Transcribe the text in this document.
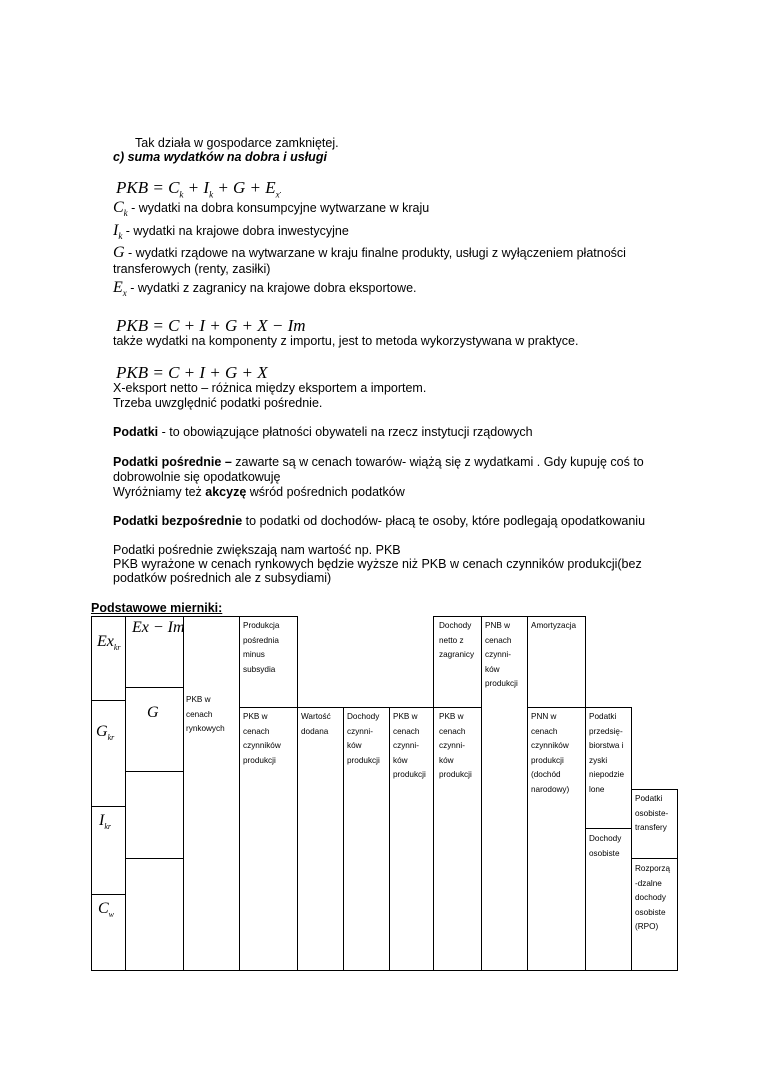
Tak działa w gospodarce zamkniętej.
c) suma wydatków na dobra i usługi
PKB = $C_k + I_k + G + E_x$.
$C_k$ - wydatki na dobra konsumpcyjne wytwarzane w kraju
$I_k$ - wydatki na krajowe dobra inwestycyjne
G - wydatki rządowe na wytwarzane w kraju finalne produkty, usługi z wyłączeniem płatności
transferowych (renty, zasiłki)
$E_x$ - wydatki z zagranicy na krajowe dobra eksportowe.
PKB = C + I + G + X − Im
także wydatki na komponenty z importu, jest to metoda wykorzystywana w praktyce.
PKB = C + I + G + X
X-eksport netto – różnica między eksportem a importem.
Trzeba uwzględnić podatki pośrednie.
Podatki - to obowiązujące płatności obywateli na rzecz instytucji rządowych
Podatki pośrednie – zawarte są w cenach towarów- wiążą się z wydatkami . Gdy kupuję coś to
dobrowolnie się opodatkowuję
Wyróżniamy też akcyzę wśród pośrednich podatków
Podatki bezpośrednie to podatki od dochodów- płacą te osoby, które podlegają opodatkowaniu
Podatki pośrednie zwiększają nam wartość np. PKB
PKB wyrażone w cenach rynkowych będzie wyższe niż PKB w cenach czynników produkcji(bez
podatków pośrednich ale z subsydiami)
Podstawowe mierniki:
$Ex_{kr}$
Ex − Im
G
$G_{kr}$
$I_{kr}$
$C_w$
PKB w
cenach
rynkowych
Produkcja
pośrednia
minus
subsydia
Dochody
netto z
zagranicy
PNB w
cenach
czynni-
ków
produkcji
Amortyzacja
PKB w
cenach
czynników
produkcji
Wartość
dodana
Dochody
czynni-
ków
produkcji
PKB w
cenach
czynni-
ków
produkcji
PKB w
cenach
czynni-
ków
produkcji
PNN w
cenach
czynników
produkcji
(dochód
narodowy)
Podatki
przedsię-
biorstwa i
zyski
niepodzie
lone
Podatki
osobiste-
transfery
Dochody
osobiste
Rozporzą
-dzalne
dochody
osobiste
(RPO)
